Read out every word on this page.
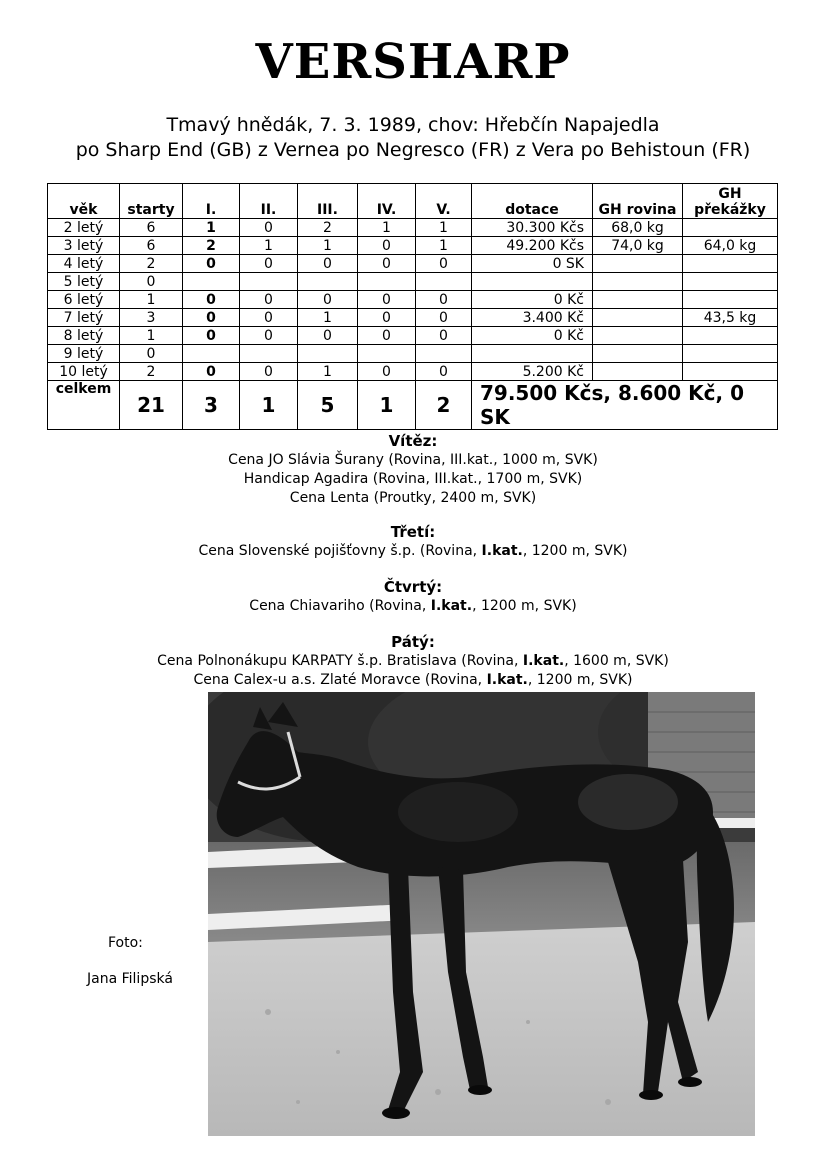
VERSHARP
Tmavý hnědák, 7. 3. 1989, chov: Hřebčín Napajedla
po Sharp End (GB) z Vernea po Negresco (FR) z Vera po Behistoun (FR)
věk	starty	I.	II.	III.	IV.	V.	dotace	GH rovina	GH překážky
2 letý	6	1	0	2	1	1	30.300 Kčs	68,0 kg	
3 letý	6	2	1	1	0	1	49.200 Kčs	74,0 kg	64,0 kg
4 letý	2	0	0	0	0	0	0 SK		
5 letý	0								
6 letý	1	0	0	0	0	0	0 Kč		
7 letý	3	0	0	1	0	0	3.400 Kč		43,5 kg
8 letý	1	0	0	0	0	0	0 Kč		
9 letý	0								
10 letý	2	0	0	1	0	0	5.200 Kč		
celkem	21	3	1	5	1	2	79.500 Kčs, 8.600 Kč, 0 SK		
Vítěz:
Cena JO Slávia Šurany (Rovina, III.kat., 1000 m, SVK)
Handicap Agadira (Rovina, III.kat., 1700 m, SVK)
Cena Lenta (Proutky, 2400 m, SVK)
Třetí:
Cena Slovenské pojišťovny š.p. (Rovina, I.kat., 1200 m, SVK)
Čtvrtý:
Cena Chiavariho (Rovina, I.kat., 1200 m, SVK)
Pátý:
Cena Polnonákupu KARPATY š.p. Bratislava (Rovina, I.kat., 1600 m, SVK)
Cena Calex-u a.s. Zlaté Moravce (Rovina, I.kat., 1200 m, SVK)
Foto:
Jana Filipská
